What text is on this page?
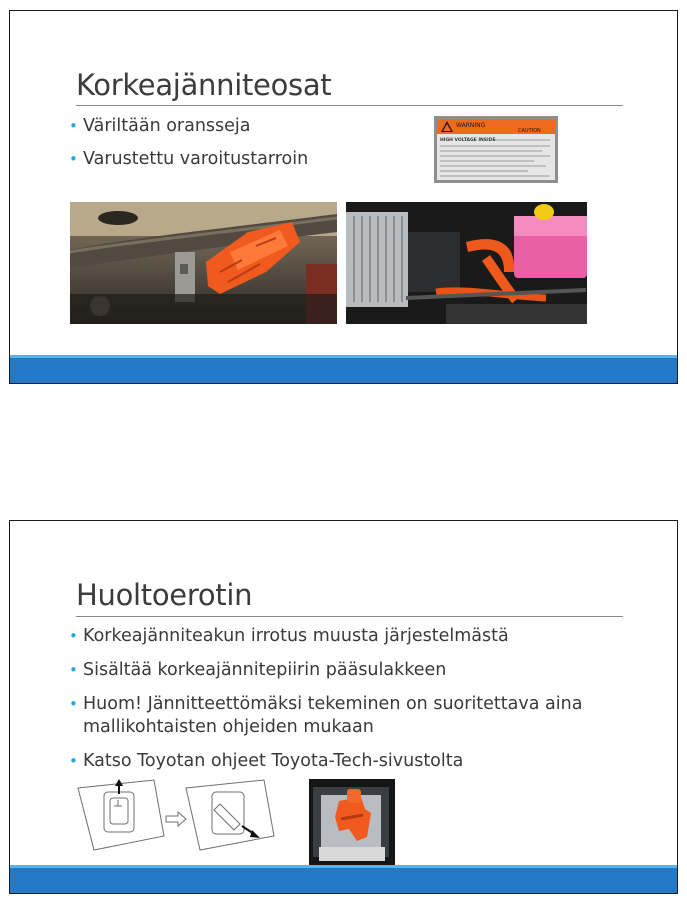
Korkeajänniteosat
• Väriltään oransseja
• Varustettu varoitustarroin
WARNING
CAUTION
HIGH VOLTAGE INSIDE
Huoltoerotin
• Korkeajänniteakun irrotus muusta järjestelmästä
• Sisältää korkeajännitepiirin pääsulakkeen
• Huom! Jännitteettömäksi tekeminen on suoritettava aina mallikohtaisten ohjeiden mukaan
• Katso Toyotan ohjeet Toyota-Tech-sivustolta
